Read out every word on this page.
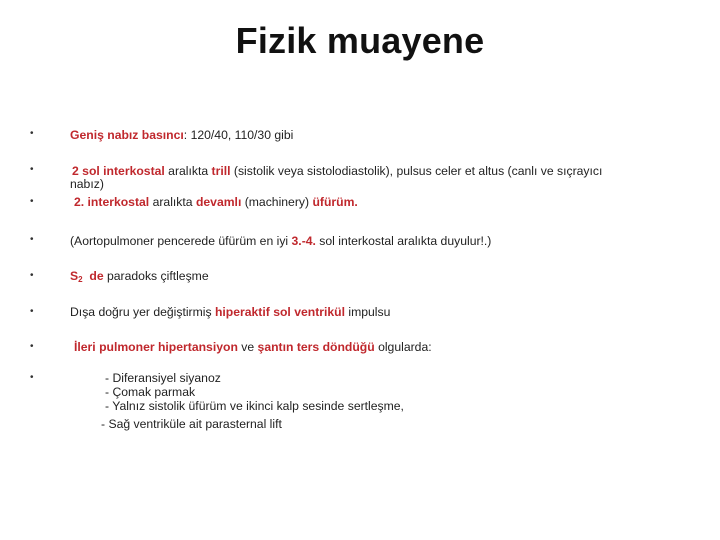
Fizik muayene
•	Geniş nabız basıncı: 120/40, 110/30 gibi
•	2 sol interkostal aralıkta trill (sistolik veya sistolodiastolik), pulsus celer et altus (canlı ve sıçrayıcı
nabız)
•	2. interkostal aralıkta devamlı (machinery) üfürüm.
•	(Aortopulmoner pencerede üfürüm en iyi 3.-4. sol interkostal aralıkta duyulur!.)
•	$S_2$ de paradoks çiftleşme
•	Dışa doğru yer değiştirmiş hiperaktif sol ventrikül impulsu
•	İleri pulmoner hipertansiyon ve şantın ters döndüğü olgularda:
•	- Diferansiyel siyanoz
- Çomak parmak
- Yalnız sistolik üfürüm ve ikinci kalp sesinde sertleşme,
- Sağ ventriküle ait parasternal lift
